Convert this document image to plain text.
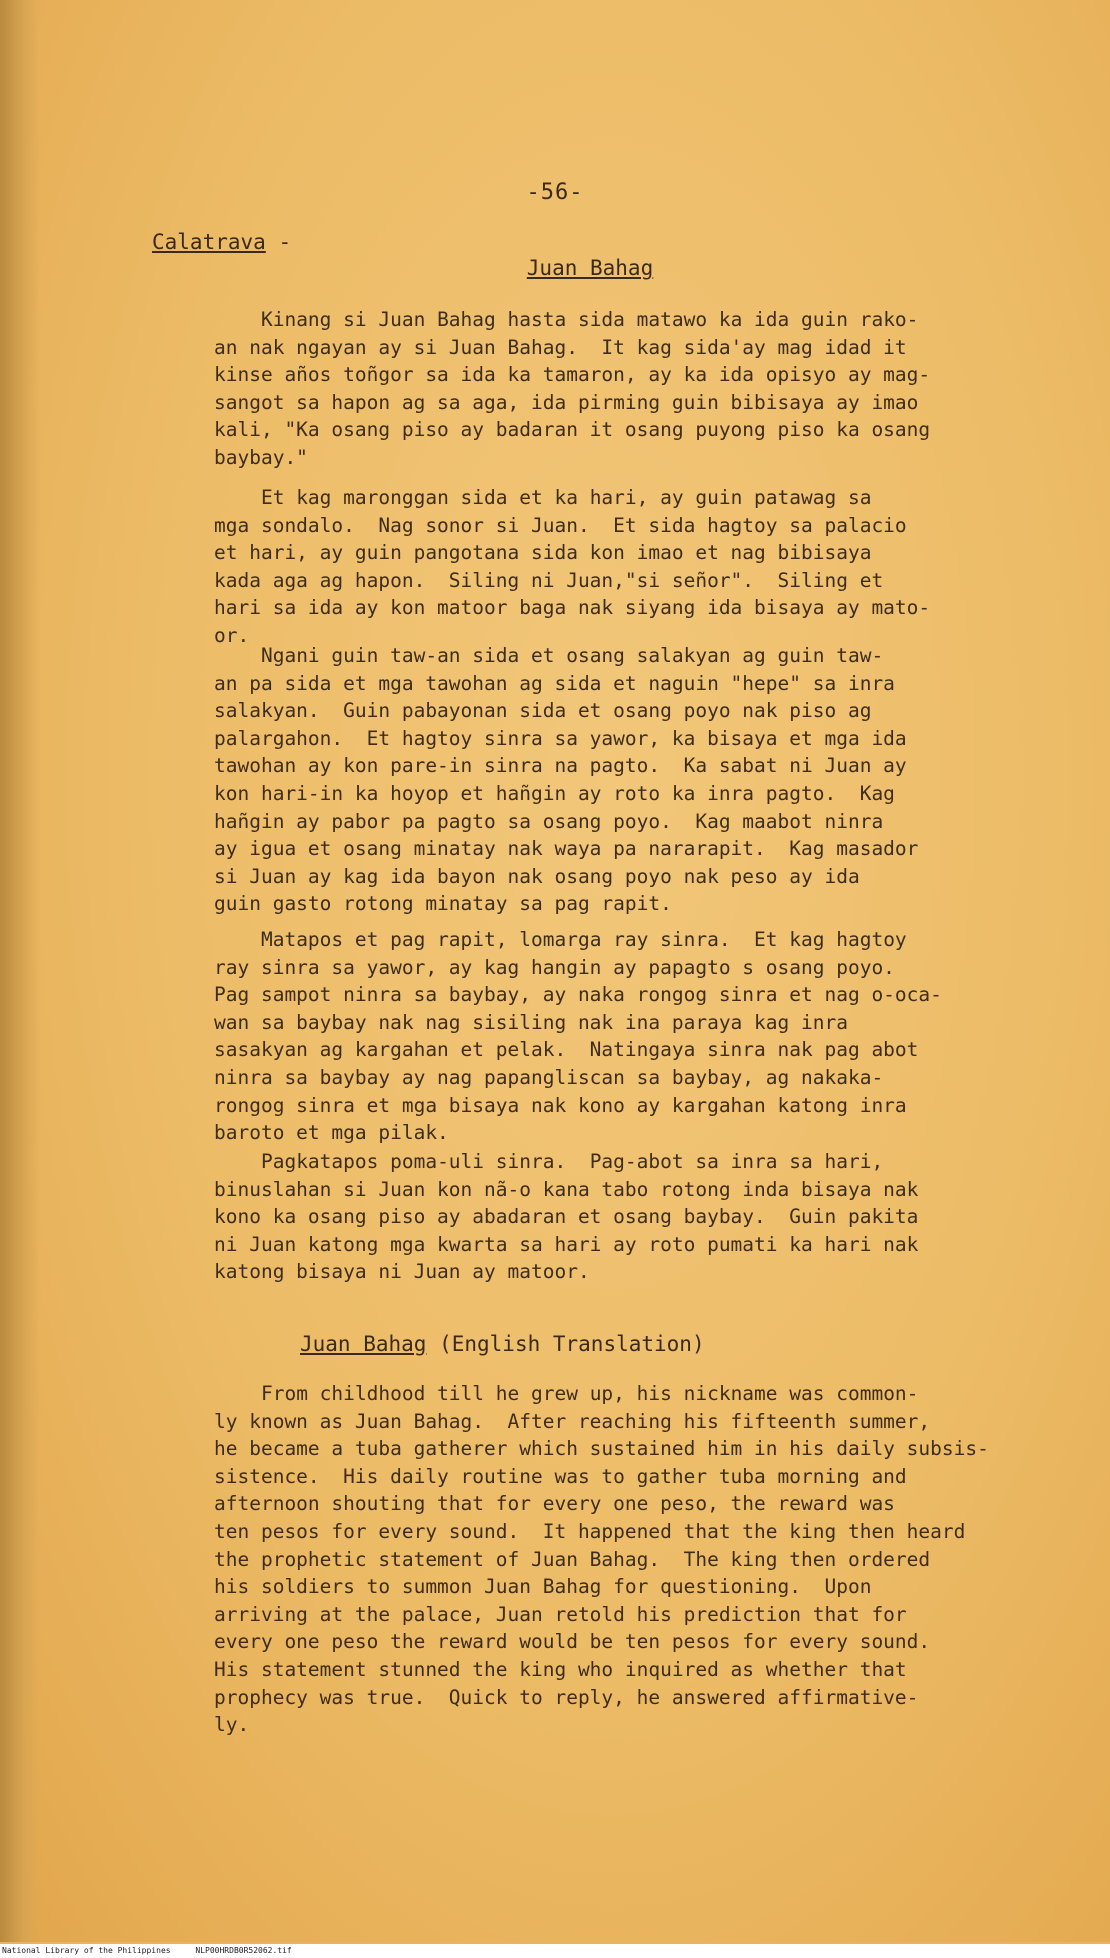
-56-
Calatrava -
Juan Bahag

Kinang si Juan Bahag hasta sida matawo ka ida guin rako-
an nak ngayan ay si Juan Bahag.  It kag sida'ay mag idad it
kinse años toñgor sa ida ka tamaron, ay ka ida opisyo ay mag-
sangot sa hapon ag sa aga, ida pirming guin bibisaya ay imao
kali, "Ka osang piso ay badaran it osang puyong piso ka osang
baybay."

Et kag maronggan sida et ka hari, ay guin patawag sa
mga sondalo.  Nag sonor si Juan.  Et sida hagtoy sa palacio
et hari, ay guin pangotana sida kon imao et nag bibisaya
kada aga ag hapon.  Siling ni Juan,"si señor".  Siling et
hari sa ida ay kon matoor baga nak siyang ida bisaya ay mato-
or.

Ngani guin taw-an sida et osang salakyan ag guin taw-
an pa sida et mga tawohan ag sida et naguin "hepe" sa inra
salakyan.  Guin pabayonan sida et osang poyo nak piso ag
palargahon.  Et hagtoy sinra sa yawor, ka bisaya et mga ida
tawohan ay kon pare-in sinra na pagto.  Ka sabat ni Juan ay
kon hari-in ka hoyop et hañgin ay roto ka inra pagto.  Kag
hañgin ay pabor pa pagto sa osang poyo.  Kag maabot ninra
ay igua et osang minatay nak waya pa nararapit.  Kag masador
si Juan ay kag ida bayon nak osang poyo nak peso ay ida
guin gasto rotong minatay sa pag rapit.

Matapos et pag rapit, lomarga ray sinra.  Et kag hagtoy
ray sinra sa yawor, ay kag hangin ay papagto s osang poyo.
Pag sampot ninra sa baybay, ay naka rongog sinra et nag o-oca-
wan sa baybay nak nag sisiling nak ina paraya kag inra
sasakyan ag kargahan et pelak.  Natingaya sinra nak pag abot
ninra sa baybay ay nag papangliscan sa baybay, ag nakaka-
rongog sinra et mga bisaya nak kono ay kargahan katong inra
baroto et mga pilak.

Pagkatapos poma-uli sinra.  Pag-abot sa inra sa hari,
binuslahan si Juan kon nã-o kana tabo rotong inda bisaya nak
kono ka osang piso ay abadaran et osang baybay.  Guin pakita
ni Juan katong mga kwarta sa hari ay roto pumati ka hari nak
katong bisaya ni Juan ay matoor.

Juan Bahag (English Translation)

From childhood till he grew up, his nickname was common-
ly known as Juan Bahag.  After reaching his fifteenth summer,
he became a tuba gatherer which sustained him in his daily subsis-
sistence.  His daily routine was to gather tuba morning and
afternoon shouting that for every one peso, the reward was
ten pesos for every sound.  It happened that the king then heard
the prophetic statement of Juan Bahag.  The king then ordered
his soldiers to summon Juan Bahag for questioning.  Upon
arriving at the palace, Juan retold his prediction that for
every one peso the reward would be ten pesos for every sound.
His statement stunned the king who inquired as whether that
prophecy was true.  Quick to reply, he answered affirmative-
ly.

National Library of the Philippines	NLP00HRDB0R52062.tif
